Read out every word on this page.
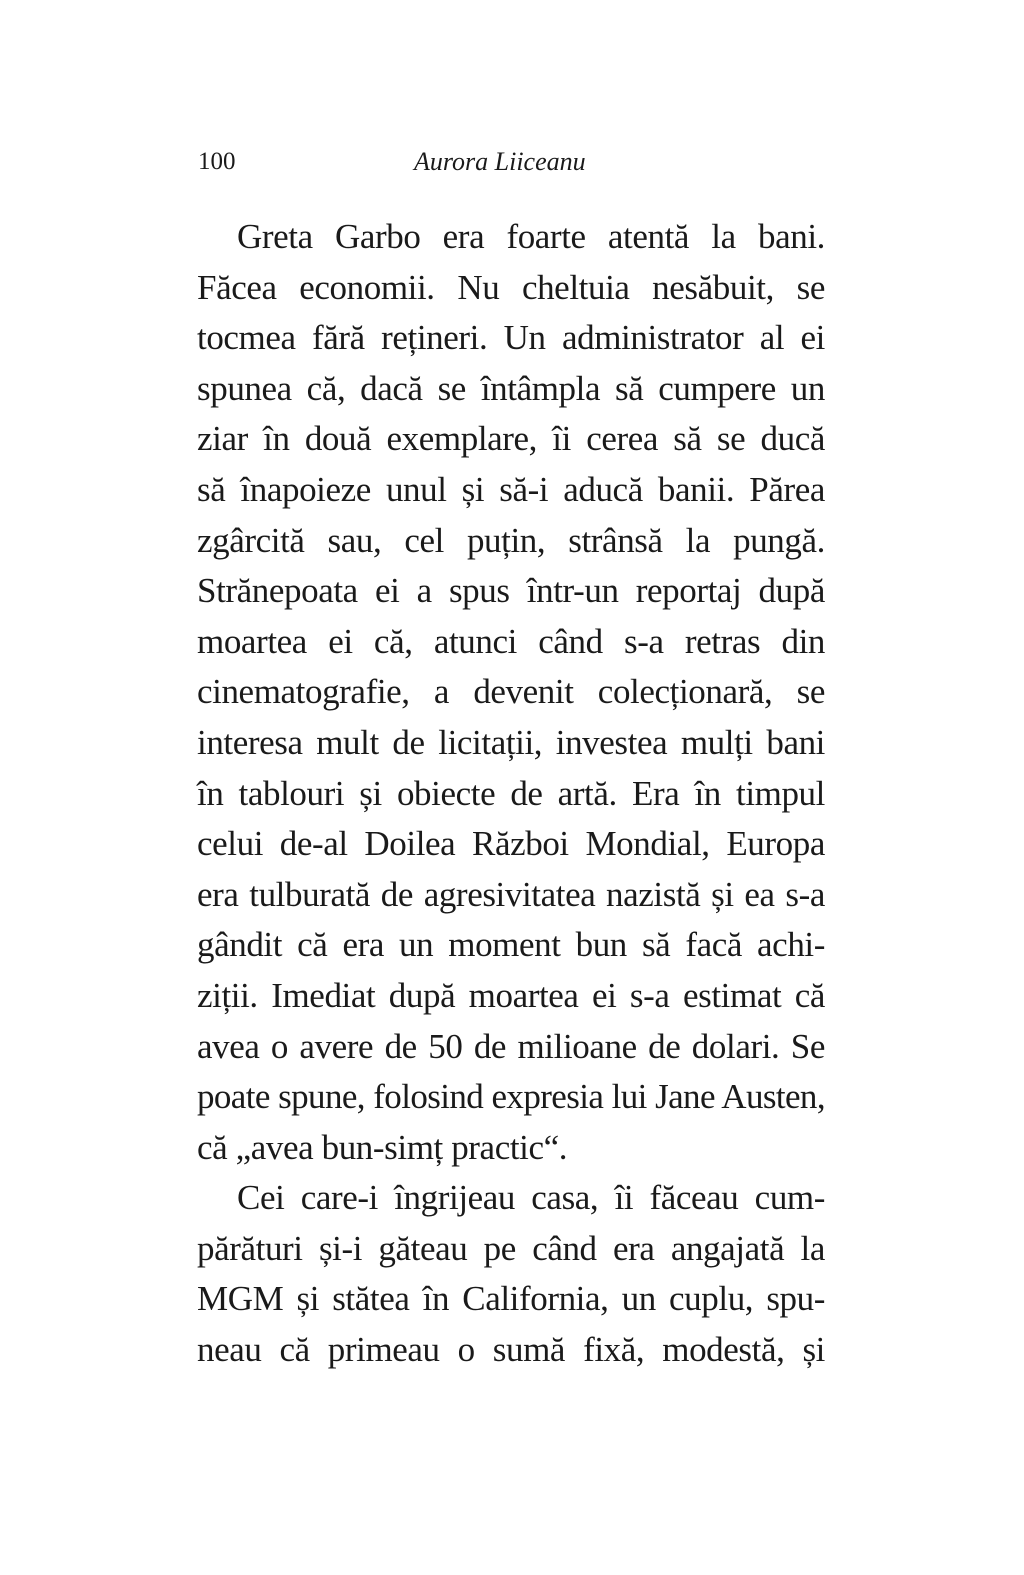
100	Aurora Liiceanu
Greta Garbo era foarte atentă la bani.
Făcea economii. Nu cheltuia nesăbuit, se
tocmea fără rețineri. Un administrator al ei
spunea că, dacă se întâmpla să cumpere un
ziar în două exemplare, îi cerea să se ducă
să înapoieze unul și să-i aducă banii. Părea
zgârcită sau, cel puțin, strânsă la pungă.
Strănepoata ei a spus într-un reportaj după
moartea ei că, atunci când s-a retras din
cinematografie, a devenit colecționară, se
interesa mult de licitații, investea mulți bani
în tablouri și obiecte de artă. Era în timpul
celui de-al Doilea Război Mondial, Europa
era tulburată de agresivitatea nazistă și ea s-a
gândit că era un moment bun să facă achi-
ziții. Imediat după moartea ei s-a estimat că
avea o avere de 50 de milioane de dolari. Se
poate spune, folosind expresia lui Jane Austen,
că „avea bun-simț practic“.
Cei care-i îngrijeau casa, îi făceau cum-
părături și-i găteau pe când era angajată la
MGM și stătea în California, un cuplu, spu-
neau că primeau o sumă fixă, modestă, și
